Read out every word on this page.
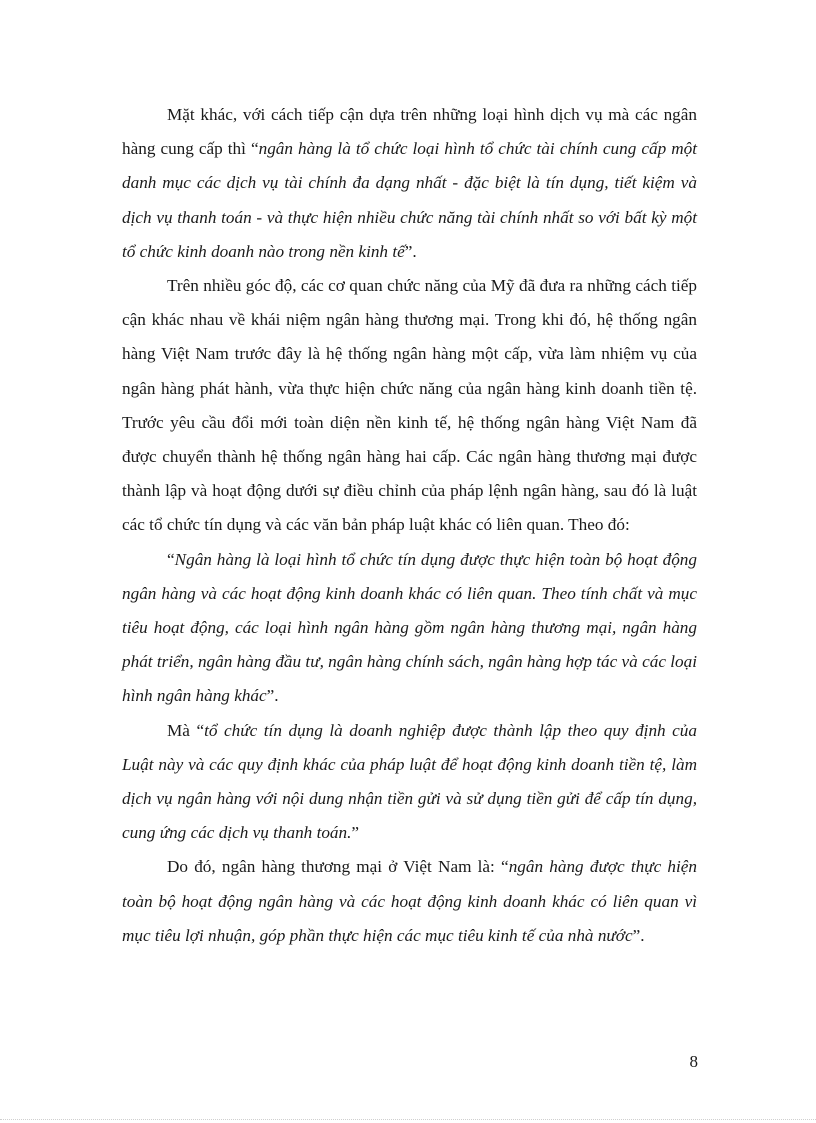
Mặt khác, với cách tiếp cận dựa trên những loại hình dịch vụ mà các ngân hàng cung cấp thì “ngân hàng là tổ chức loại hình tổ chức tài chính cung cấp một danh mục các dịch vụ tài chính đa dạng nhất - đặc biệt là tín dụng, tiết kiệm và dịch vụ thanh toán - và thực hiện nhiều chức năng tài chính nhất so với bất kỳ một tổ chức kinh doanh nào trong nền kinh tế”.

Trên nhiều góc độ, các cơ quan chức năng của Mỹ đã đưa ra những cách tiếp cận khác nhau về khái niệm ngân hàng thương mại. Trong khi đó, hệ thống ngân hàng Việt Nam trước đây là hệ thống ngân hàng một cấp, vừa làm nhiệm vụ của ngân hàng phát hành, vừa thực hiện chức năng của ngân hàng kinh doanh tiền tệ. Trước yêu cầu đổi mới toàn diện nền kinh tế, hệ thống ngân hàng Việt Nam đã được chuyển thành hệ thống ngân hàng hai cấp. Các ngân hàng thương mại được thành lập và hoạt động dưới sự điều chỉnh của pháp lệnh ngân hàng, sau đó là luật các tổ chức tín dụng và các văn bản pháp luật khác có liên quan. Theo đó:

“Ngân hàng là loại hình tổ chức tín dụng được thực hiện toàn bộ hoạt động ngân hàng và các hoạt động kinh doanh khác có liên quan. Theo tính chất và mục tiêu hoạt động, các loại hình ngân hàng gồm ngân hàng thương mại, ngân hàng phát triển, ngân hàng đầu tư, ngân hàng chính sách, ngân hàng hợp tác và các loại hình ngân hàng khác”.

Mà “tổ chức tín dụng là doanh nghiệp được thành lập theo quy định của Luật này và các quy định khác của pháp luật để hoạt động kinh doanh tiền tệ, làm dịch vụ ngân hàng với nội dung nhận tiền gửi và sử dụng tiền gửi để cấp tín dụng, cung ứng các dịch vụ thanh toán.”

Do đó, ngân hàng thương mại ở Việt Nam là: “ngân hàng được thực hiện toàn bộ hoạt động ngân hàng và các hoạt động kinh doanh khác có liên quan vì mục tiêu lợi nhuận, góp phần thực hiện các mục tiêu kinh tế của nhà nước”.

8
